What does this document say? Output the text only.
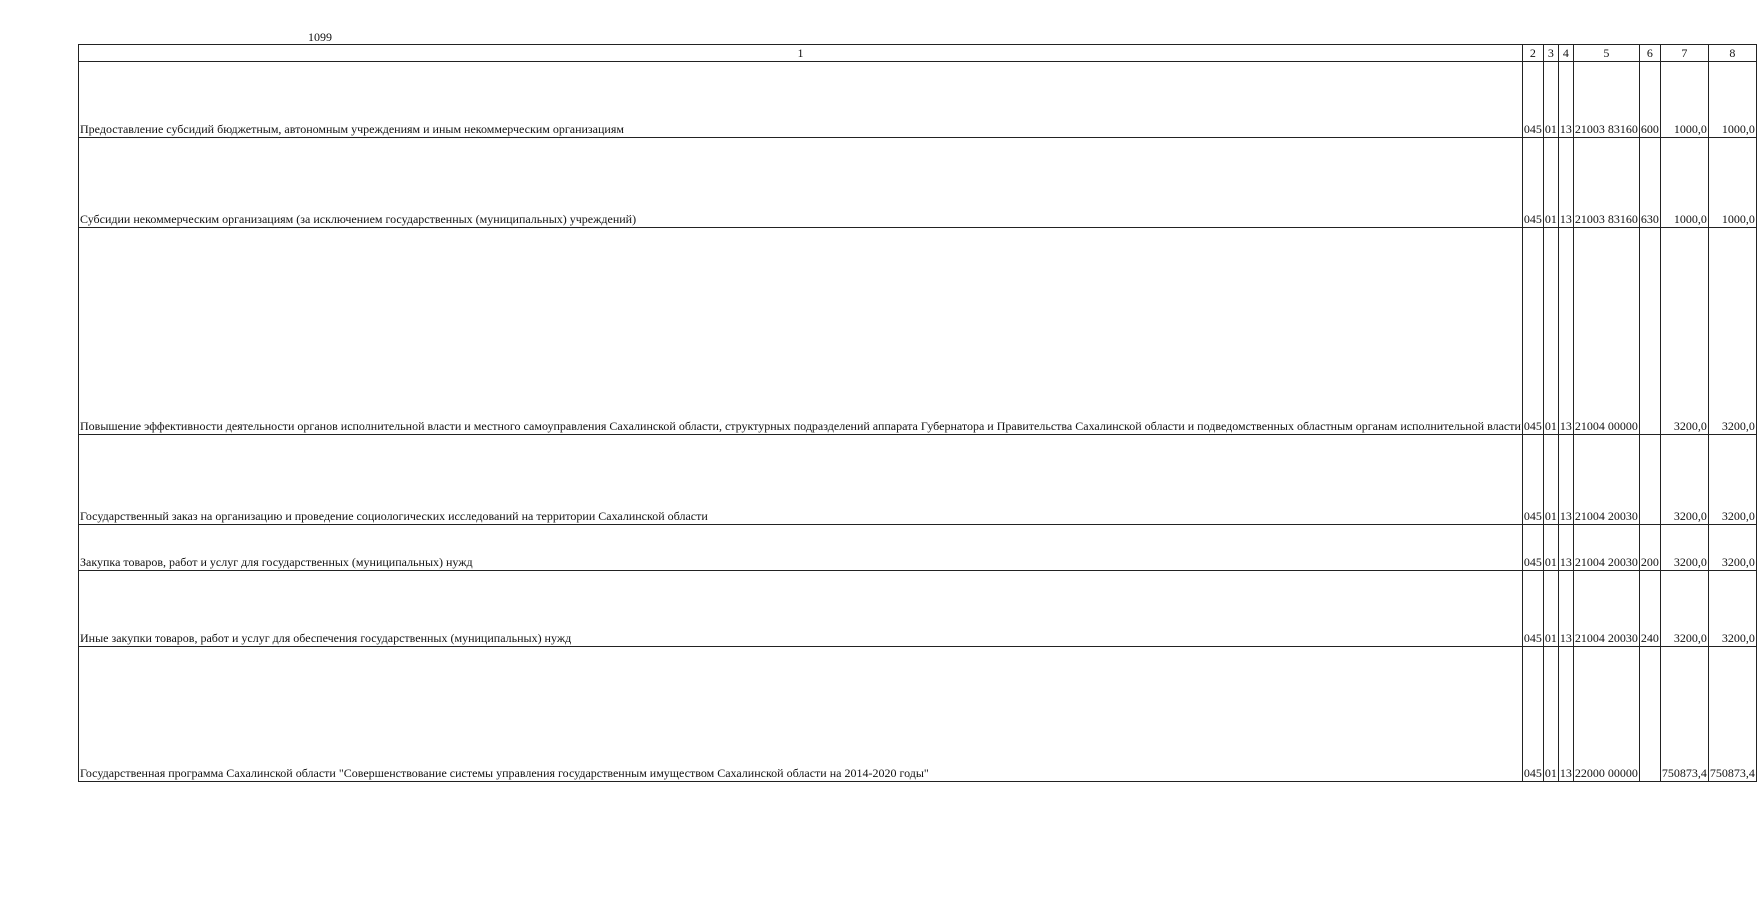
1099
1	2	3	4	5	6	7	8

Предоставление субсидий бюджетным, автономным учреждениям и иным некоммерческим организациям	045	01	13	21003 83160	600	1000,0	1000,0

Субсидии некоммерческим организациям (за исключением государственных (муниципальных) учреждений)	045	01	13	21003 83160	630	1000,0	1000,0

Повышение эффективности деятельности органов исполнительной власти и местного самоуправления Сахалинской области, структурных подразделений аппарата Губернатора и Правительства Сахалинской области и подведомственных областным органам исполнительной власти	045	01	13	21004 00000		3200,0	3200,0

Государственный заказ на организацию и проведение социологических исследований на территории Сахалинской области	045	01	13	21004 20030		3200,0	3200,0

Закупка товаров, работ и услуг для государственных (муниципальных) нужд	045	01	13	21004 20030	200	3200,0	3200,0

Иные закупки товаров, работ и услуг для обеспечения государственных (муниципальных) нужд	045	01	13	21004 20030	240	3200,0	3200,0

Государственная программа Сахалинской области "Совершенствование системы управления государственным имуществом Сахалинской области на 2014-2020 годы"	045	01	13	22000 00000		750873,4	750873,4
